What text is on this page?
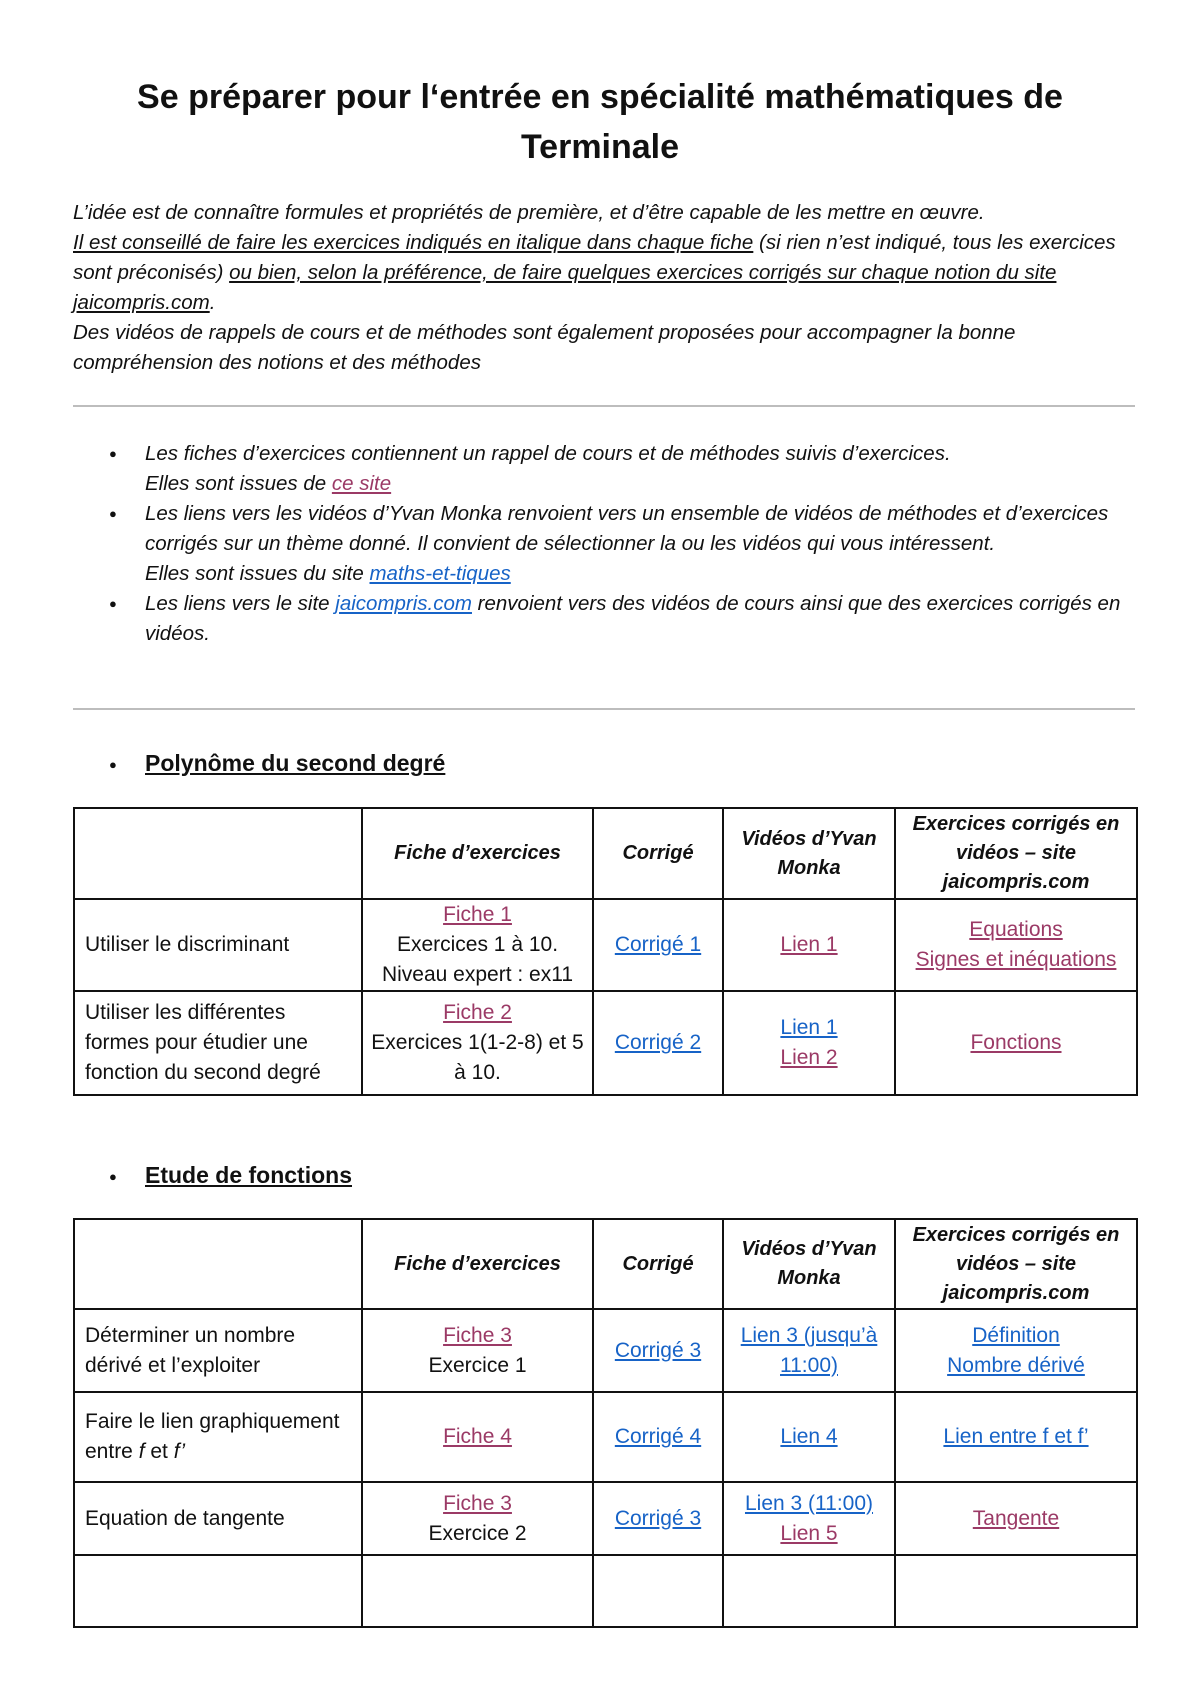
Se préparer pour l‘entrée en spécialité mathématiques de Terminale

L’idée est de connaître formules et propriétés de première, et d’être capable de les mettre en œuvre.

Il est conseillé de faire les exercices indiqués en italique dans chaque fiche (si rien n’est indiqué, tous les exercices sont préconisés) ou bien, selon la préférence, de faire quelques exercices corrigés sur chaque notion du site jaicompris.com.

Des vidéos de rappels de cours et de méthodes sont également proposées pour accompagner la bonne compréhension des notions et des méthodes

● Les fiches d’exercices contiennent un rappel de cours et de méthodes suivis d’exercices.
Elles sont issues de ce site
● Les liens vers les vidéos d’Yvan Monka renvoient vers un ensemble de vidéos de méthodes et d’exercices corrigés sur un thème donné. Il convient de sélectionner la ou les vidéos qui vous intéressent.
Elles sont issues du site maths-et-tiques
● Les liens vers le site jaicompris.com renvoient vers des vidéos de cours ainsi que des exercices corrigés en vidéos.
● Polynôme du second degré
	Fiche d’exercices	Corrigé	Vidéos d’Yvan Monka	Exercices corrigés en vidéos – site jaicompris.com
Utiliser le discriminant	Fiche 1
Exercices 1 à 10.
Niveau expert : ex11	Corrigé 1	Lien 1	Equations
Signes et inéquations
Utiliser les différentes formes pour étudier une fonction du second degré	Fiche 2
Exercices 1(1-2-8) et 5 à 10.	Corrigé 2	Lien 1
Lien 2	Fonctions
● Etude de fonctions
	Fiche d’exercices	Corrigé	Vidéos d’Yvan Monka	Exercices corrigés en vidéos – site jaicompris.com
Déterminer un nombre dérivé et l’exploiter	Fiche 3
Exercice 1	Corrigé 3	Lien 3 (jusqu’à 11:00)	Définition
Nombre dérivé
Faire le lien graphiquement entre f et f’	Fiche 4	Corrigé 4	Lien 4	Lien entre f et f’
Equation de tangente	Fiche 3
Exercice 2	Corrigé 3	Lien 3 (11:00)
Lien 5	Tangente
